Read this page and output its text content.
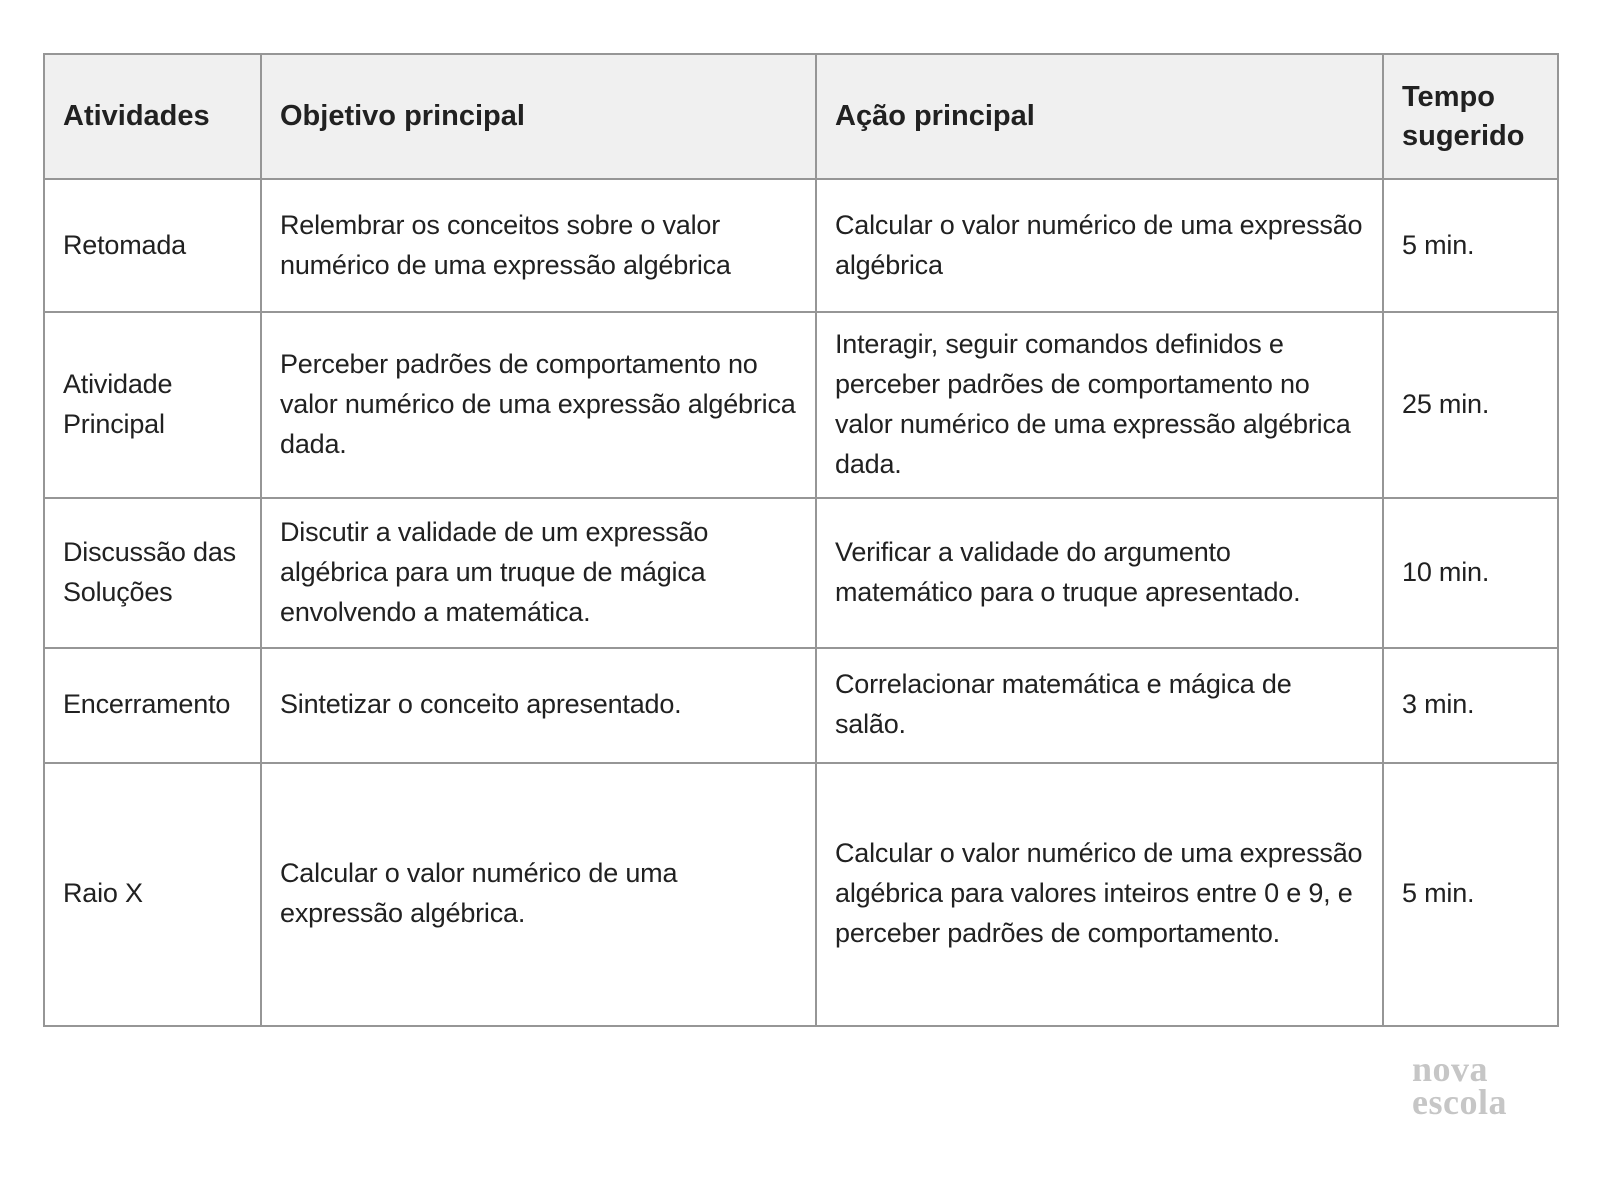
Atividades	Objetivo principal	Ação principal	Tempo sugerido
Retomada	Relembrar os conceitos sobre o valor numérico de uma expressão algébrica	Calcular o valor numérico de uma expressão algébrica	5 min.
Atividade Principal	Perceber padrões de comportamento no valor numérico de uma expressão algébrica dada.	Interagir, seguir comandos definidos e perceber padrões de comportamento no valor numérico de uma expressão algébrica dada.	25 min.
Discussão das Soluções	Discutir a validade de um expressão algébrica para um truque de mágica envolvendo a matemática.	Verificar a validade do argumento matemático para o truque apresentado.	10 min.
Encerramento	Sintetizar o conceito apresentado.	Correlacionar matemática e mágica de salão.	3 min.
Raio X	Calcular o valor numérico de uma expressão algébrica.	Calcular o valor numérico de uma expressão algébrica para valores inteiros entre 0 e 9, e perceber padrões de comportamento.	5 min.
nova
escola
